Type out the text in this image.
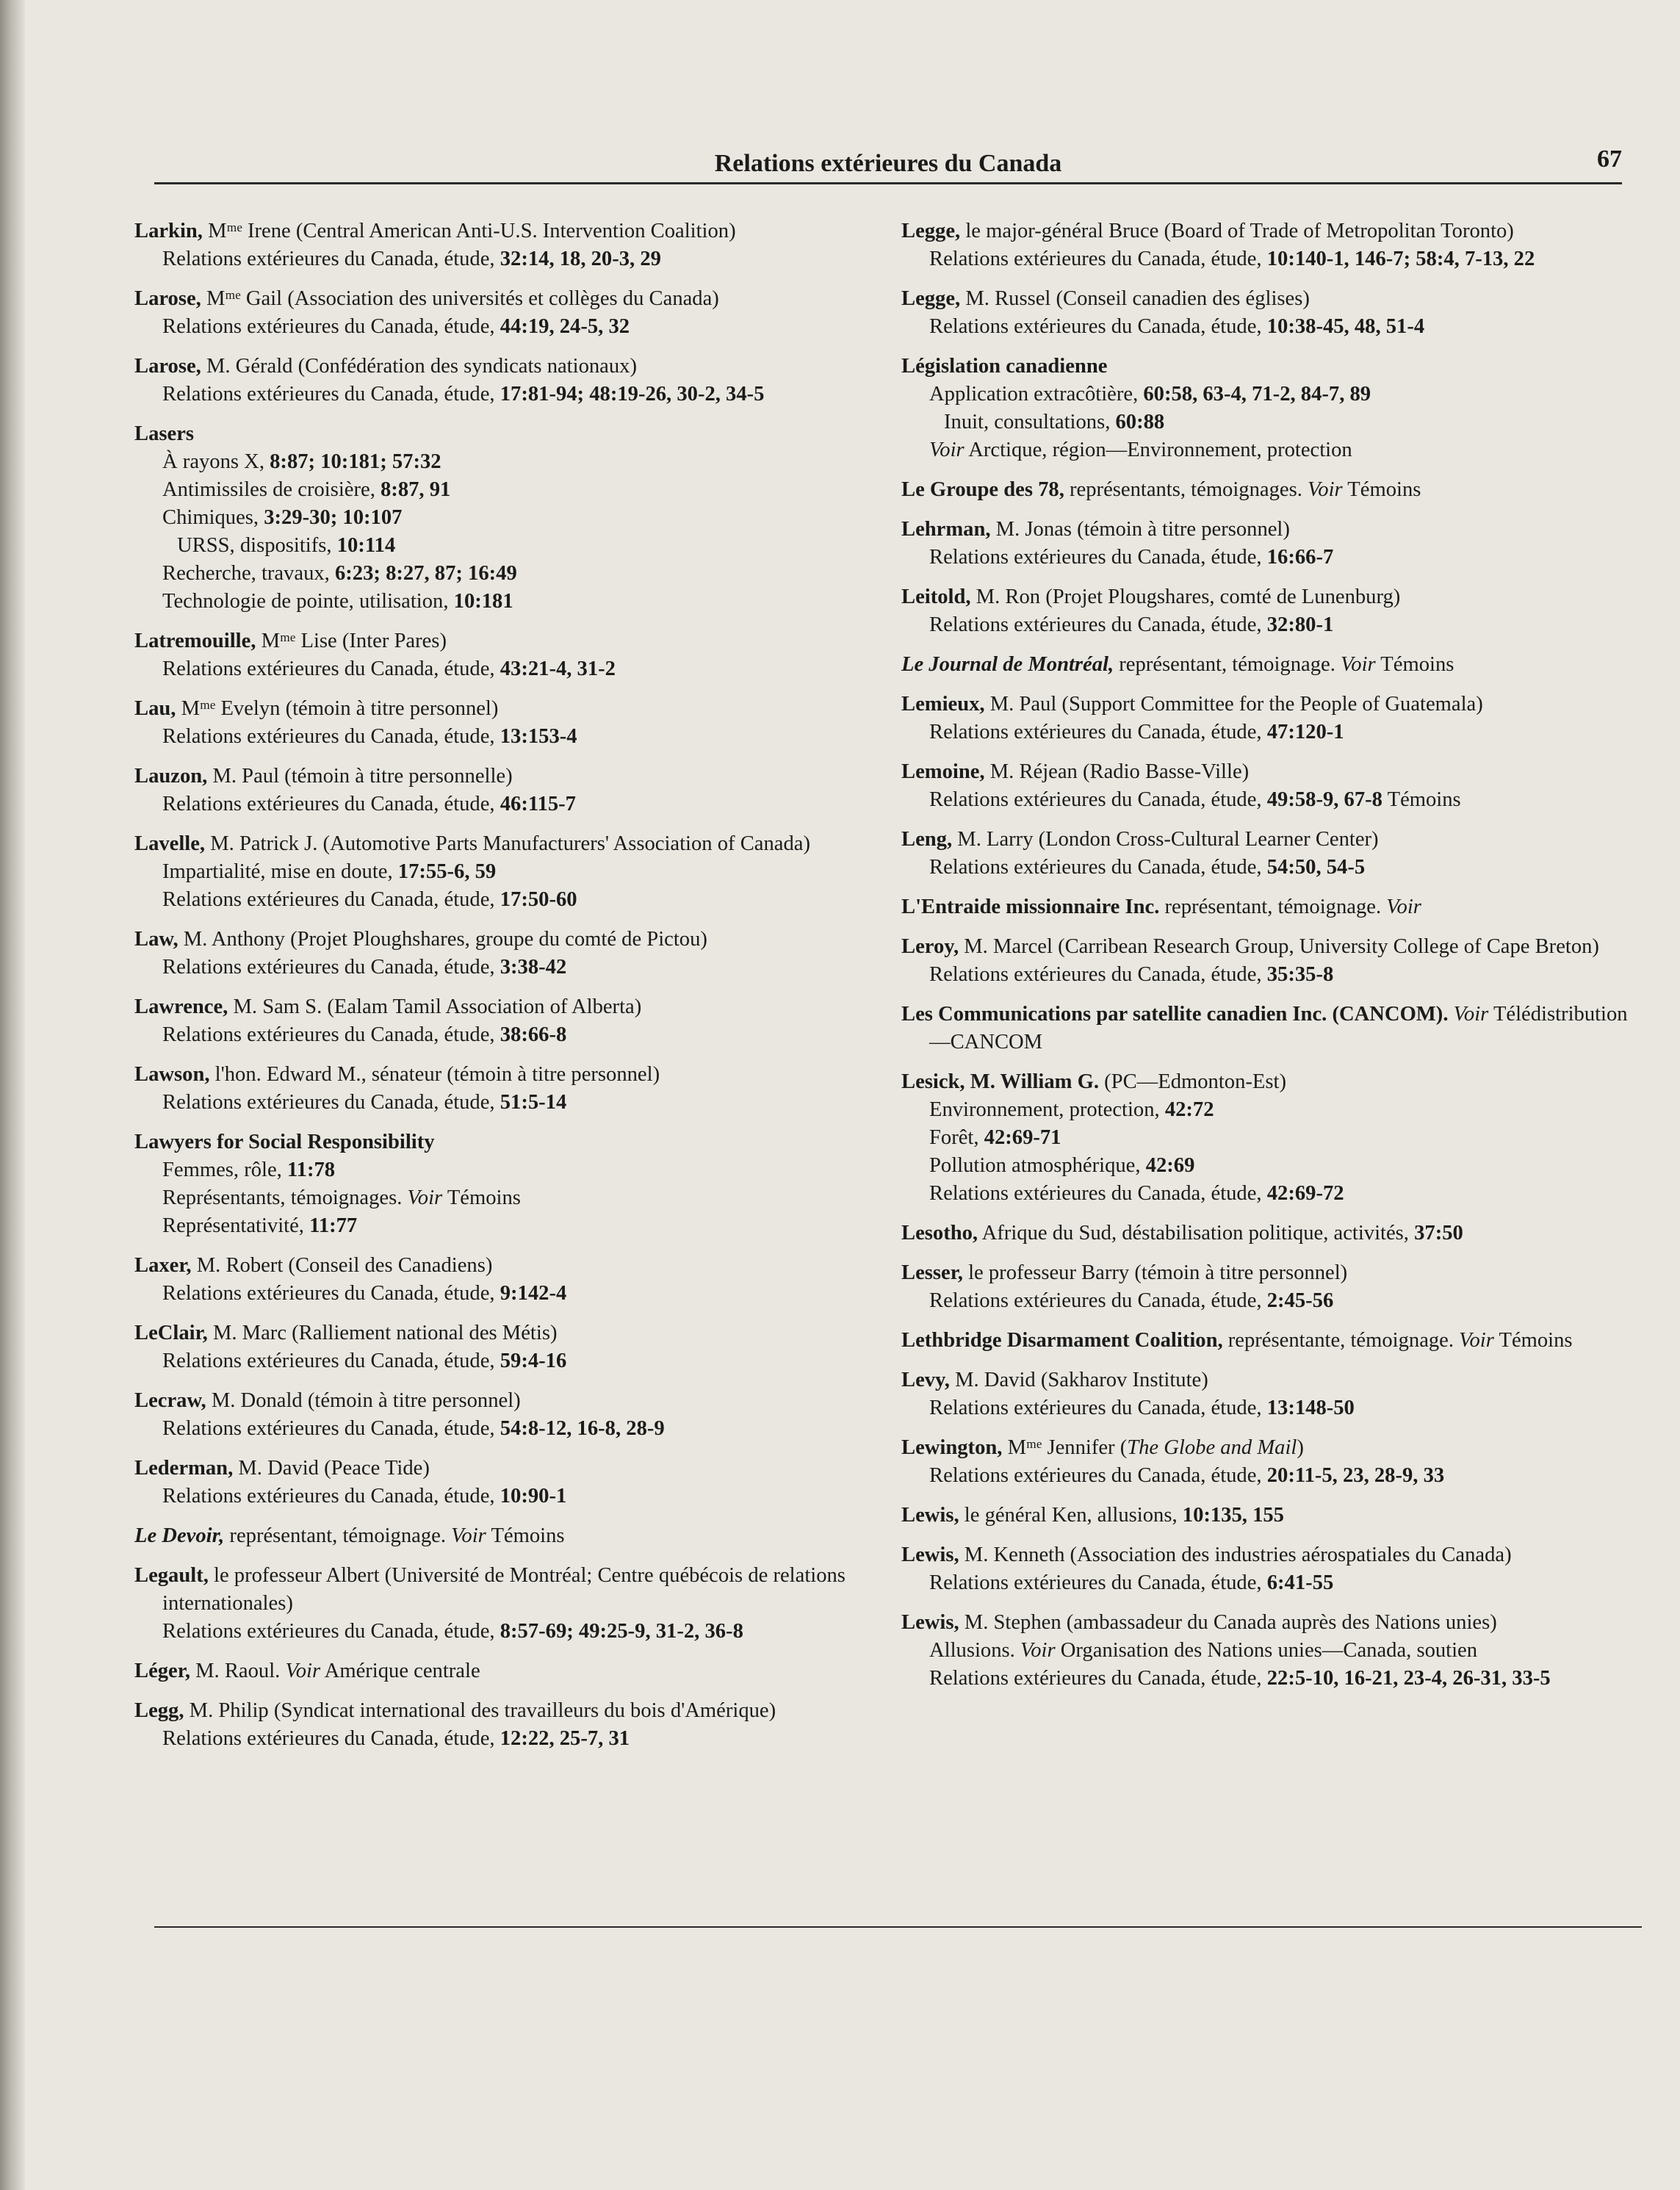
Relations extérieures du Canada	67
Larkin, Mᵐᵉ Irene (Central American Anti-U.S. Intervention Coalition)
Relations extérieures du Canada, étude, 32:14, 18, 20-3, 29
Larose, Mᵐᵉ Gail (Association des universités et collèges du Canada)
Relations extérieures du Canada, étude, 44:19, 24-5, 32
Larose, M. Gérald (Confédération des syndicats nationaux)
Relations extérieures du Canada, étude, 17:81-94; 48:19-26, 30-2, 34-5
Lasers
À rayons X, 8:87; 10:181; 57:32
Antimissiles de croisière, 8:87, 91
Chimiques, 3:29-30; 10:107
URSS, dispositifs, 10:114
Recherche, travaux, 6:23; 8:27, 87; 16:49
Technologie de pointe, utilisation, 10:181
Latremouille, Mᵐᵉ Lise (Inter Pares)
Relations extérieures du Canada, étude, 43:21-4, 31-2
Lau, Mᵐᵉ Evelyn (témoin à titre personnel)
Relations extérieures du Canada, étude, 13:153-4
Lauzon, M. Paul (témoin à titre personnelle)
Relations extérieures du Canada, étude, 46:115-7
Lavelle, M. Patrick J. (Automotive Parts Manufacturers' Association of Canada)
Impartialité, mise en doute, 17:55-6, 59
Relations extérieures du Canada, étude, 17:50-60
Law, M. Anthony (Projet Ploughshares, groupe du comté de Pictou)
Relations extérieures du Canada, étude, 3:38-42
Lawrence, M. Sam S. (Ealam Tamil Association of Alberta)
Relations extérieures du Canada, étude, 38:66-8
Lawson, l'hon. Edward M., sénateur (témoin à titre personnel)
Relations extérieures du Canada, étude, 51:5-14
Lawyers for Social Responsibility
Femmes, rôle, 11:78
Représentants, témoignages. Voir Témoins
Représentativité, 11:77
Laxer, M. Robert (Conseil des Canadiens)
Relations extérieures du Canada, étude, 9:142-4
LeClair, M. Marc (Ralliement national des Métis)
Relations extérieures du Canada, étude, 59:4-16
Lecraw, M. Donald (témoin à titre personnel)
Relations extérieures du Canada, étude, 54:8-12, 16-8, 28-9
Lederman, M. David (Peace Tide)
Relations extérieures du Canada, étude, 10:90-1
Le Devoir, représentant, témoignage. Voir Témoins
Legault, le professeur Albert (Université de Montréal; Centre québécois de relations internationales)
Relations extérieures du Canada, étude, 8:57-69; 49:25-9, 31-2, 36-8
Léger, M. Raoul. Voir Amérique centrale
Legg, M. Philip (Syndicat international des travailleurs du bois d'Amérique)
Relations extérieures du Canada, étude, 12:22, 25-7, 31
Legge, le major-général Bruce (Board of Trade of Metropolitan Toronto)
Relations extérieures du Canada, étude, 10:140-1, 146-7; 58:4, 7-13, 22
Legge, M. Russel (Conseil canadien des églises)
Relations extérieures du Canada, étude, 10:38-45, 48, 51-4
Législation canadienne
Application extracôtière, 60:58, 63-4, 71-2, 84-7, 89
Inuit, consultations, 60:88
Voir Arctique, région—Environnement, protection
Le Groupe des 78, représentants, témoignages. Voir Témoins
Lehrman, M. Jonas (témoin à titre personnel)
Relations extérieures du Canada, étude, 16:66-7
Leitold, M. Ron (Projet Plougshares, comté de Lunenburg)
Relations extérieures du Canada, étude, 32:80-1
Le Journal de Montréal, représentant, témoignage. Voir Témoins
Lemieux, M. Paul (Support Committee for the People of Guatemala)
Relations extérieures du Canada, étude, 47:120-1
Lemoine, M. Réjean (Radio Basse-Ville)
Relations extérieures du Canada, étude, 49:58-9, 67-8 Témoins
Leng, M. Larry (London Cross-Cultural Learner Center)
Relations extérieures du Canada, étude, 54:50, 54-5
L'Entraide missionnaire Inc. représentant, témoignage. Voir
Leroy, M. Marcel (Carribean Research Group, University College of Cape Breton)
Relations extérieures du Canada, étude, 35:35-8
Les Communications par satellite canadien Inc. (CANCOM). Voir Télédistribution—CANCOM
Lesick, M. William G. (PC—Edmonton-Est)
Environnement, protection, 42:72
Forêt, 42:69-71
Pollution atmosphérique, 42:69
Relations extérieures du Canada, étude, 42:69-72
Lesotho, Afrique du Sud, déstabilisation politique, activités, 37:50
Lesser, le professeur Barry (témoin à titre personnel)
Relations extérieures du Canada, étude, 2:45-56
Lethbridge Disarmament Coalition, représentante, témoignage. Voir Témoins
Levy, M. David (Sakharov Institute)
Relations extérieures du Canada, étude, 13:148-50
Lewington, Mᵐᵉ Jennifer (The Globe and Mail)
Relations extérieures du Canada, étude, 20:11-5, 23, 28-9, 33
Lewis, le général Ken, allusions, 10:135, 155
Lewis, M. Kenneth (Association des industries aérospatiales du Canada)
Relations extérieures du Canada, étude, 6:41-55
Lewis, M. Stephen (ambassadeur du Canada auprès des Nations unies)
Allusions. Voir Organisation des Nations unies—Canada, soutien
Relations extérieures du Canada, étude, 22:5-10, 16-21, 23-4, 26-31, 33-5
